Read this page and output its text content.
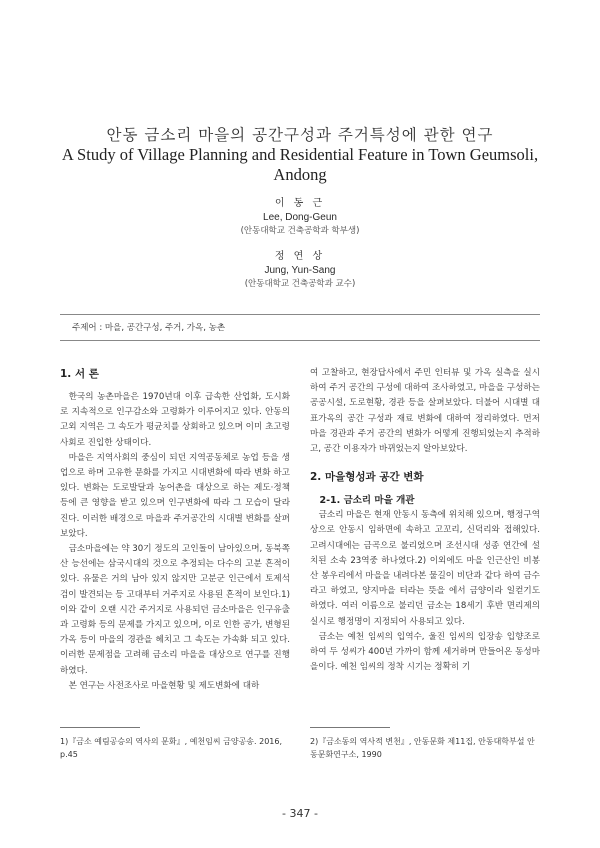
안동 금소리 마을의 공간구성과 주거특성에 관한 연구
A Study of Village Planning and Residential Feature in Town Geumsoli, Andong
이 동 근
Lee, Dong-Geun
(안동대학교 건축공학과 학부생)
정 연 상
Jung, Yun-Sang
(안동대학교 건축공학과 교수)
주제어 : 마을, 공간구성, 주거, 가옥, 농촌
1. 서 론

한국의 농촌마을은 1970년대 이후 급속한 산업화, 도시화로 지속적으로 인구감소와 고령화가 이루어지고 있다. 안동의 고외 지역은 그 속도가 평균치를 상회하고 있으며 이미 초고령사회로 진입한 상태이다.

마을은 지역사회의 중심이 되던 지역공동체로 농업 등을 생업으로 하며 고유한 문화를 가지고 시대변화에 따라 변화 하고 있다. 변화는 도로발달과 농어촌을 대상으로 하는 제도·정책 등에 큰 영향을 받고 있으며 인구변화에 따라 그 모습이 달라진다. 이러한 배경으로 마을과 주거공간의 시대별 변화를 살펴보았다.

금소마을에는 약 30기 정도의 고인돌이 남아있으며, 동북쪽 산 능선에는 삼국시대의 것으로 추정되는 다수의 고분 흔적이 있다. 유물은 거의 남아 있지 않지만 고분군 인근에서 토제석검이 발견되는 등 고대부터 거주지로 사용된 흔적이 보인다.1) 이와 같이 오랜 시간 주거지로 사용되던 금소마을은 인구유출과 고령화 등의 문제를 가지고 있으며, 이로 인한 공가, 변형된 가옥 등이 마을의 경관을 헤치고 그 속도는 가속화 되고 있다. 이러한 문제점을 고려해 금소리 마을을 대상으로 연구를 진행하였다.

본 연구는 사전조사로 마을현황 및 제도변화에 대하

여 고찰하고, 현장답사에서 주민 인터뷰 및 가옥 실측을 실시하여 주거 공간의 구성에 대하여 조사하였고, 마을을 구성하는 공공시설, 도로현황, 경관 등을 살펴보았다. 더불어 시대별 대표가옥의 공간 구성과 재료 변화에 대하여 정리하였다. 먼저 마을 경관과 주거 공간의 변화가 어떻게 진행되었는지 추적하고, 공간 이용자가 바뀌었는지 알아보았다.

2. 마을형성과 공간 변화
2-1. 금소리 마을 개관

금소리 마을은 현재 안동시 동측에 위치해 있으며, 행정구역상으로 안동시 임하면에 속하고 고꼬리, 신덕리와 접해있다. 고려시대에는 금곡으로 불리었으며 조선시대 성종 연간에 설치된 소속 23역중 하나였다.2) 이외에도 마을 인근산인 비봉산 봉우리에서 마을을 내려다본 물길이 비단과 같다 하여 금수라고 하였고, 양지마을 터라는 뜻을 에서 금양이라 일컫기도 하였다. 여러 이름으로 불리던 금소는 18세기 후반 면리제의 실시로 행정명이 지정되어 사용되고 있다.

금소는 예천 임씨의 입역수, 울진 임씨의 입장송 입향조로 하여 두 성씨가 400년 가까이 함께 세거하며 만들어온 동성마을이다. 예천 임씨의 정착 시기는 정확히 기

1)『금소 예림공승의 역사의 문화』, 예천임씨 금양공송. 2016, p.45
2)『금소동의 역사적 변천』, 안동문화 제11집, 안동대학부설 안동문화연구소, 1990
- 347 -
